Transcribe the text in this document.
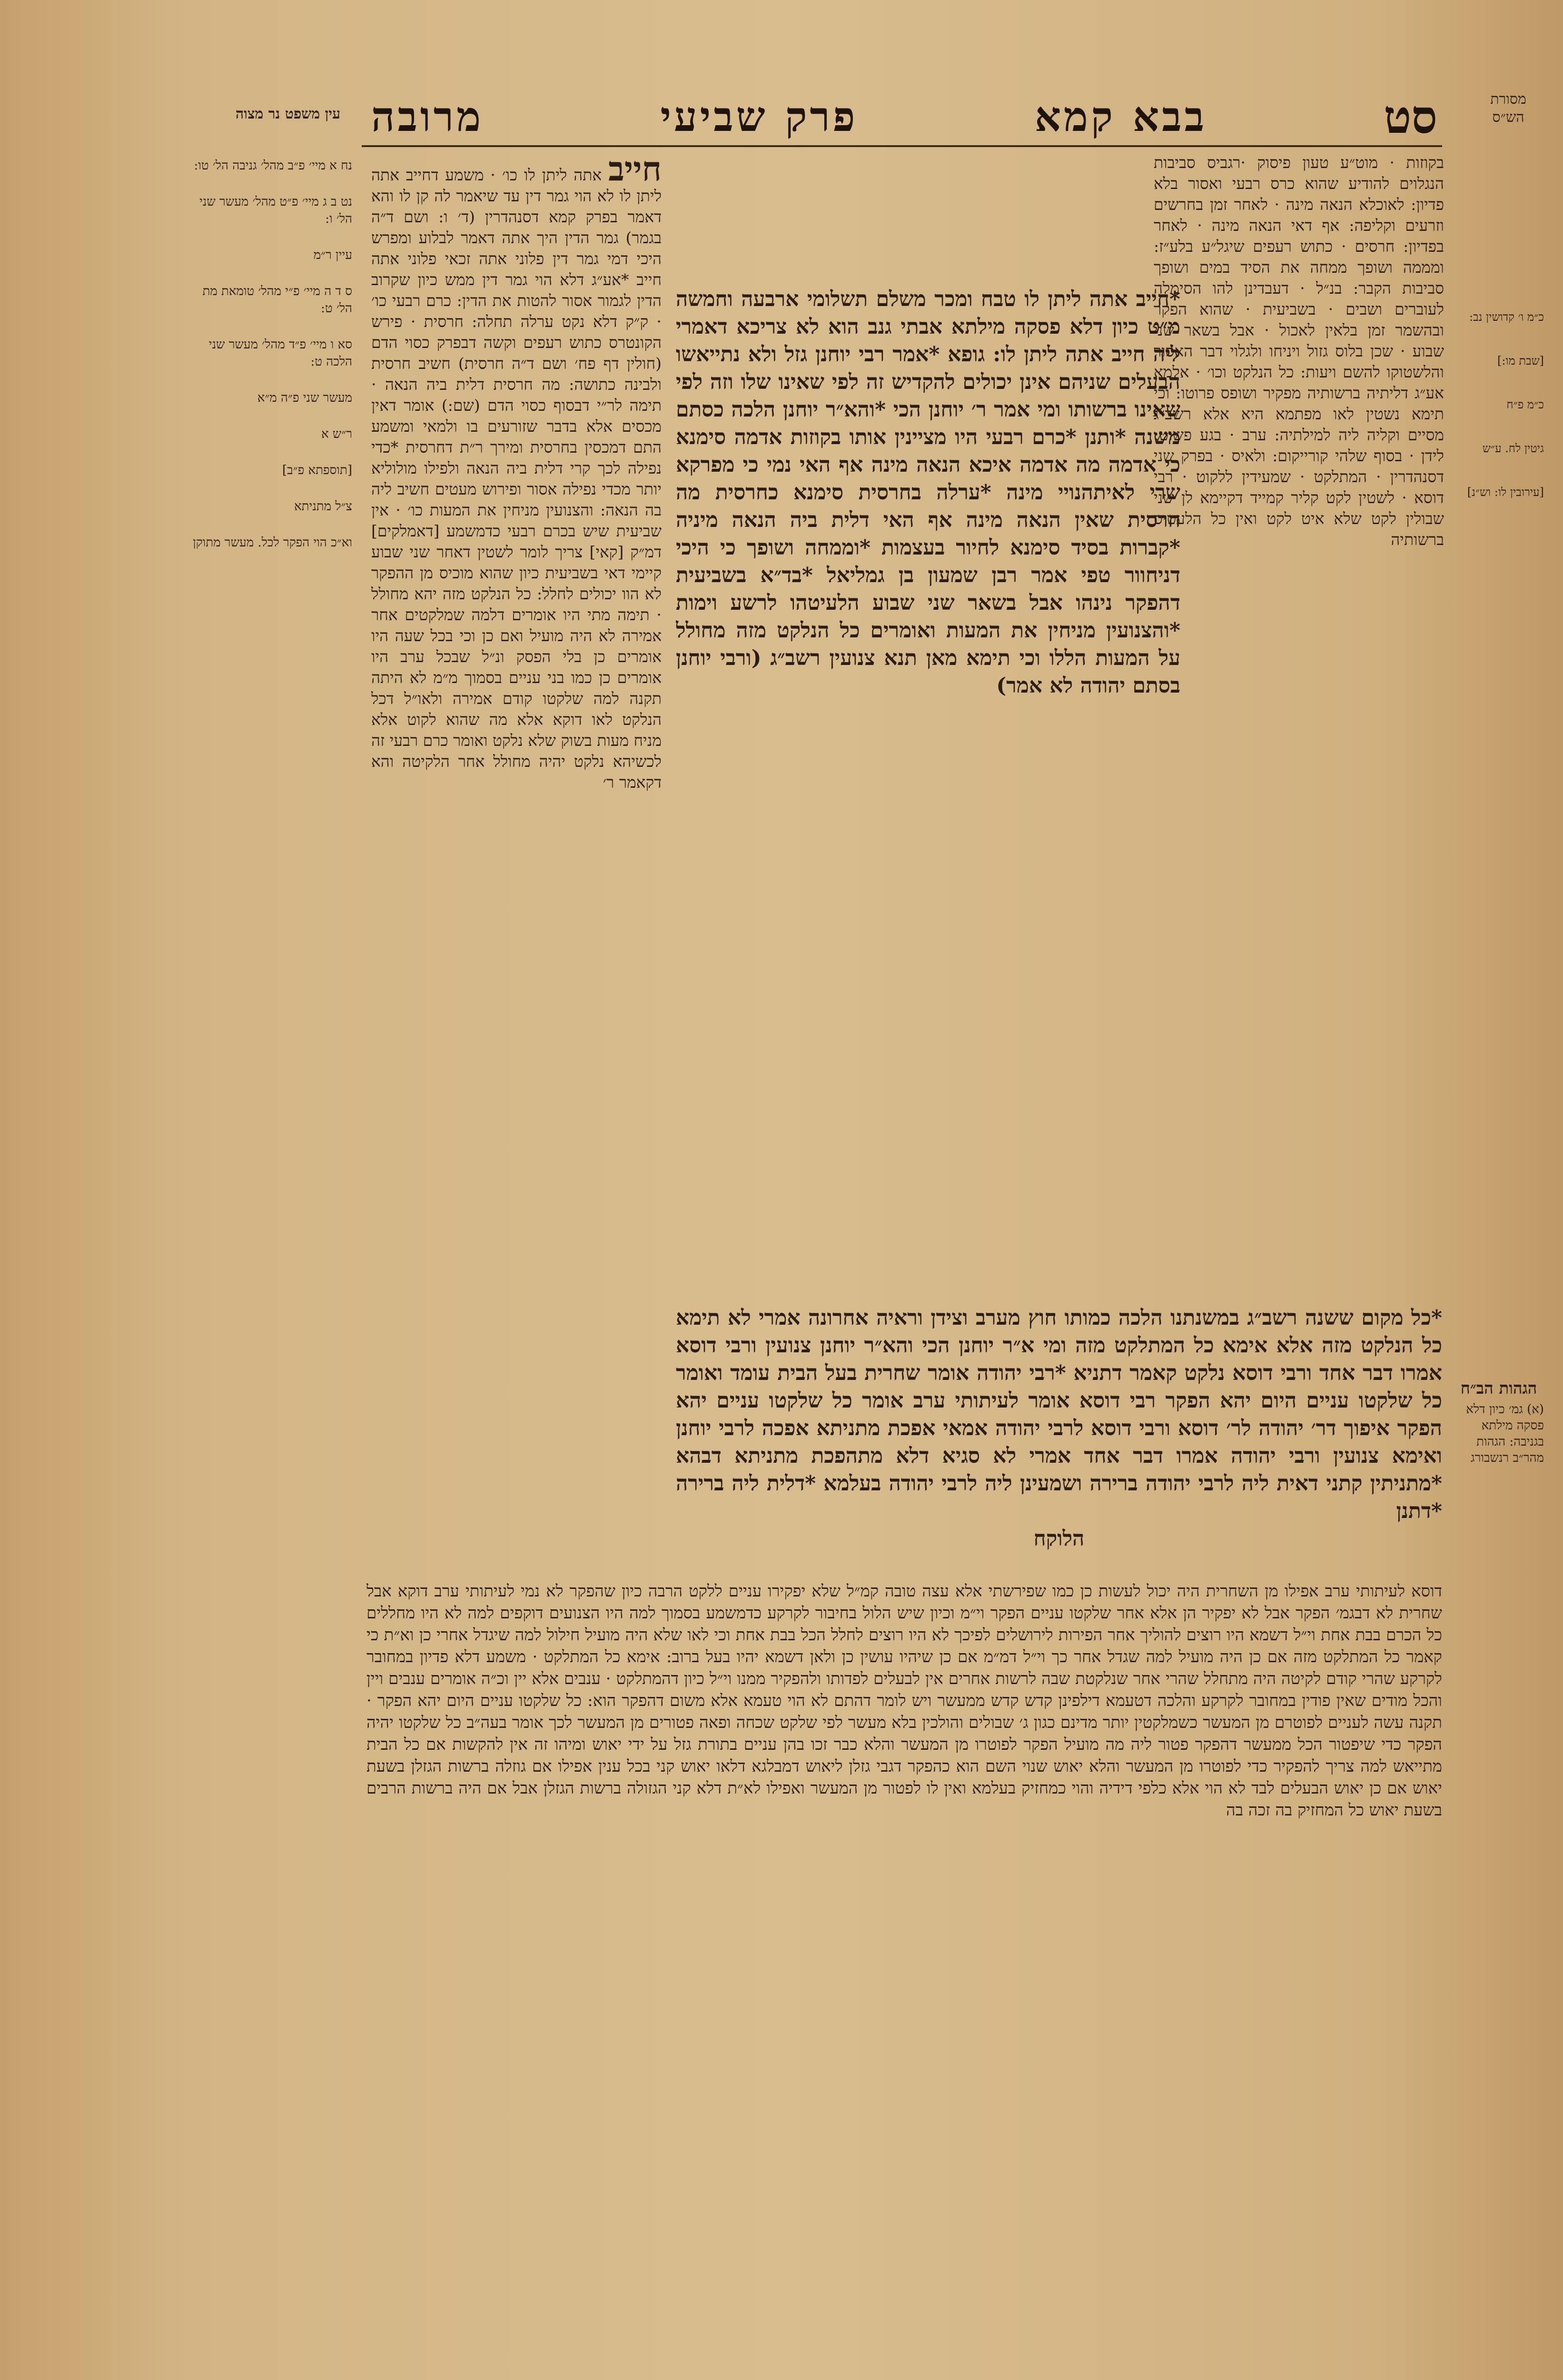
סט
בבא קמא
פרק שביעי
מרובה	מסורת הש״ס
עין משפט נר מצוה
בקוזות · מוט״ע טעון פיסוק ·רגביס סביבות הנגלוים להודיע שהוא כרס רבעי ואסור בלא פדיון: לאוכלא הנאה מינה · לאחר זמן בחרשים וזרעים וקליפה: אף דאי הנאה מינה · לאחר בפדיון: חרסים · כתוש רעפים שיגל״ע בלע״ז: ומממה ושופך ממחה את הסיד במים ושופך סביבות הקבר: בנ״ל · דעבדינן להו הסימלה לעוברים ושבים · בשביעית · שהוא הפקר ובהשמר זמן בלאין לאכול · אבל בשאר שני שבוע · שכן בלוס גזול ויניחו ולגלוי דבר האסור והלשטוקו להשם ויעות: כל הנלקט וכו׳ · אלמא אע״ג דליתיה ברשותיה מפקיר ושופס פרוטו: וכי תימא נשטין לאו מפתמא היא אלא רשב״ג מסיים וקליה ליה למילתיה: ערב · בגע פשוט: לידן · בסוף שלהי קורייקום: ולאיס · בפרק שני דסנהדרין · המתלקט · שמעידין ללקוט · רבי דוסא · לשטין לקט קליר קמייד דקיימא לן שני שבולין לקט שלא איט לקט ואין כל הלעטיס ברשותיה
*חייב אתה ליתן לו טבח ומכר משלם תשלומי ארבעה וחמשה מ״ט כיון דלא פסקה מילתא אבתי גנב הוא לא צריכא דאמרי ליה חייב אתה ליתן לו: גופא *אמר רבי יוחנן גזל ולא נתייאשו הבעלים שניהם אינן יכולים להקדיש זה לפי שאינו שלו וזה לפי שאינו ברשותו ומי אמר ר׳ יוחנן הכי *והא״ר יוחנן הלכה כסתם משנה *ותנן *כרם רבעי היו מציינין אותו בקוזות אדמה סימנא כי אדמה מה אדמה איכא הנאה מינה אף האי נמי כי מפרקא שרי לאיתהנויי מינה *ערלה בחרסית סימנא כחרסית מה חרסית שאין הנאה מינה אף האי דלית ביה הנאה מיניה *קברות בסיד סימנא לחיור בעצמות *וממחה ושופך כי היכי דניחוור טפי אמר רבן שמעון בן גמליאל *בד״א בשביעית דהפקר נינהו אבל בשאר שני שבוע הלעיטהו לרשע וימות *והצנועין מניחין את המעות ואומרים כל הנלקט מזה מחולל על המעות הללו וכי תימא מאן תנא צנועין רשב״ג (ורבי יוחנן בסתם יהודה לא אמר)
חייב אתה ליתן לו כו׳ · משמע דחייב אתה ליתן לו לא הוי גמר דין עד שיאמר לה קן לו והא דאמר בפרק קמא דסנהדרין (ד׳ ו: ושם ד״ה בגמר) גמר הדין היך אתה דאמר לבלוע ומפרש היכי דמי גמר דין פלוני אתה זכאי פלוני אתה חייב *אע״ג דלא הוי גמר דין ממש כיון שקרוב הדין לגמור אסור להטות את הדין: כרם רבעי כו׳ · ק״ק דלא נקט ערלה תחלה: חרסית · פירש הקונטרס כתוש רעפים וקשה דבפרק כסוי הדם (חולין דף פח׳ ושם ד״ה חרסית) חשיב חרסית ולבינה כתושה: מה חרסית דלית ביה הנאה · תימה לר״י דבסוף כסוי הדם (שם:) אומר דאין מכסים אלא בדבר שזורעים בו ולמאי ומשמע התם דמכסין בחרסית ומירך ר״ת דחרסית *כדי נפילה לכך קרי דלית ביה הנאה ולפילו מולוליא יותר מכדי נפילה אסור ופירוש מעטים חשיב ליה בה הנאה: והצנועין מניחין את המעות כו׳ · אין שביעית שיש בכרם רבעי כדמשמע [דאמלקים] דמ״ק [קאי] צריך לומר לשטין דאחר שני שבוע קיימי דאי בשביעית כיון שהוא מוכיס מן ההפקר לא הוו יכולים לחלל: כל הנלקט מזה יהא מחולל · תימה מתי היו אומרים דלמה שמלקטים אחר אמירה לא היה מועיל ואם כן וכי בכל שעה היו אומרים כן בלי הפסק ונ״ל שבכל ערב היו אומרים כן כמו בני עניים בסמוך מ״מ לא היתה תקנה למה שלקטו קודם אמירה ולאו״ל דכל הנלקט לאו דוקא אלא מה שהוא לקוט אלא מניח מעות בשוק שלא נלקט ואומר כרם רבעי זה לכשיהא נלקט יהיה מחולל אחר הלקיטה והא דקאמר ר׳
*כל מקום ששנה רשב״ג במשנתנו הלכה כמותו חוץ מערב וצידן וראיה אחרונה אמרי לא תימא כל הנלקט מזה אלא אימא כל המתלקט מזה ומי א״ר יוחנן הכי והא״ר יוחנן צנועין ורבי דוסא אמרו דבר אחד ורבי דוסא נלקט קאמר דתניא *רבי יהודה אומר שחרית בעל הבית עומד ואומר כל שלקטו עניים היום יהא הפקר רבי דוסא אומר לעיתותי ערב אומר כל שלקטו עניים יהא הפקר איפוך דר׳ יהודה לר׳ דוסא ורבי דוסא לרבי יהודה אמאי אפכת מתניתא אפכה לרבי יוחנן ואימא צנועין ורבי יהודה אמרו דבר אחד אמרי לא סגיא דלא מתהפכת מתניתא דבהא *מתניתין קתני דאית ליה לרבי יהודה ברירה ושמעינן ליה לרבי יהודה בעלמא *דלית ליה ברירה *דתנן
הלוקח
דוסא לעיתותי ערב אפילו מן השחרית היה יכול לעשות כן כמו שפירשתי אלא עצה טובה קמ״ל שלא יפקירו עניים ללקט הרבה כיון שהפקר לא נמי לעיתותי ערב דוקא אבל שחרית לא דבגמ׳ הפקר אבל לא יפקיר הן אלא אחר שלקטו עניים הפקר וי״מ וכיון שיש הלול בחיבור לקרקע כדמשמע בסמוך למה היו הצנועים דוקפים למה לא היו מחללים כל הכרם בבת אחת וי״ל דשמא היו רוצים להוליך אחר הפירות לירושלים לפיכך לא היו רוצים לחלל הכל בבת אחת וכי לאו שלא היה מועיל חילול למה שיגדל אחרי כן וא״ת כי קאמר כל המתלקט מזה אם כן היה מועיל למה שגדל אחר כך וי״ל דמ״מ אם כן שיהיו עושין כן ולאן דשמא יהיו בעל ברוב: אימא כל המתלקט · משמע דלא פדיון במחובר לקרקע שהרי קודם לקיטה היה מתחלל שהרי אחר שנלקטת שבה לרשות אחרים אין לבעלים לפדותו ולהפקיר ממנו וי״ל כיון דהמתלקט · ענבים אלא יין וכ״ה אומרים ענבים ויין והכל מודים שאין פודין במחובר לקרקע והלכה דטעמא דילפינן קדש קדש ממעשר ויש לומר דהתם לא הוי טעמא אלא משום דהפקר הוא: כל שלקטו עניים היום יהא הפקר · תקנה עשה לעניים לפוטרם מן המעשר כשמלקטין יותר מדינם כגון ג׳ שבולים והולכין בלא מעשר לפי שלקט שכחה ופאה פטורים מן המעשר לכך אומר בעה״ב כל שלקטו יהיה הפקר כדי שיפטור הכל ממעשר דהפקר פטור ליה מה מועיל הפקר לפוטרו מן המעשר והלא כבר זכו בהן עניים בתורת גזל על ידי יאוש ומיהו זה אין להקשות אם כל הבית מתייאש למה צריך להפקיר כדי לפוטרו מן המעשר והלא יאוש שנוי השם הוא כהפקר דגבי גזלן ליאוש דמבלגא דלאו יאוש קני בכל ענין אפילו אם גוזלה ברשות הגזלן בשעת יאוש אם כן יאוש הבעלים לבד לא הוי אלא כלפי דידיה והוי כמחזיק בעלמא ואין לו לפטור מן המעשר ואפילו לא״ת דלא קני הגזולה ברשות הגזלן אבל אם היה ברשות הרבים בשעת יאוש כל המחזיק בה זכה בה
נח א מיי׳ פ״ב מהל׳ גניבה הל׳ טו:
נט ב ג מיי׳ פ״ט מהל׳ מעשר שני הל׳ ו:
עיין ר״מ
ס ד ה מיי׳ פ״י מהל׳ טומאת מת הל׳ ט:
סא ו מיי׳ פ״ד מהל׳ מעשר שני הלכה ט:
מעשר שני פ״ה מ״א
ר״ש א
[תוספתא פ״ב]
צ״ל מתניתא
וא״כ הוי הפקר לכל. מעשר מתוקן
כ״מ ו׳ קדושין נב:
[שבת מו:]
כ״מ פ״ח
גיטין לח. ע״ש
[עירובין לו: וש״נ]
הגהות הב״ח
(א) גמ׳ כיון דלא פסקה מילתא בגניבה: הגהות מהר״ב רנשבורג
